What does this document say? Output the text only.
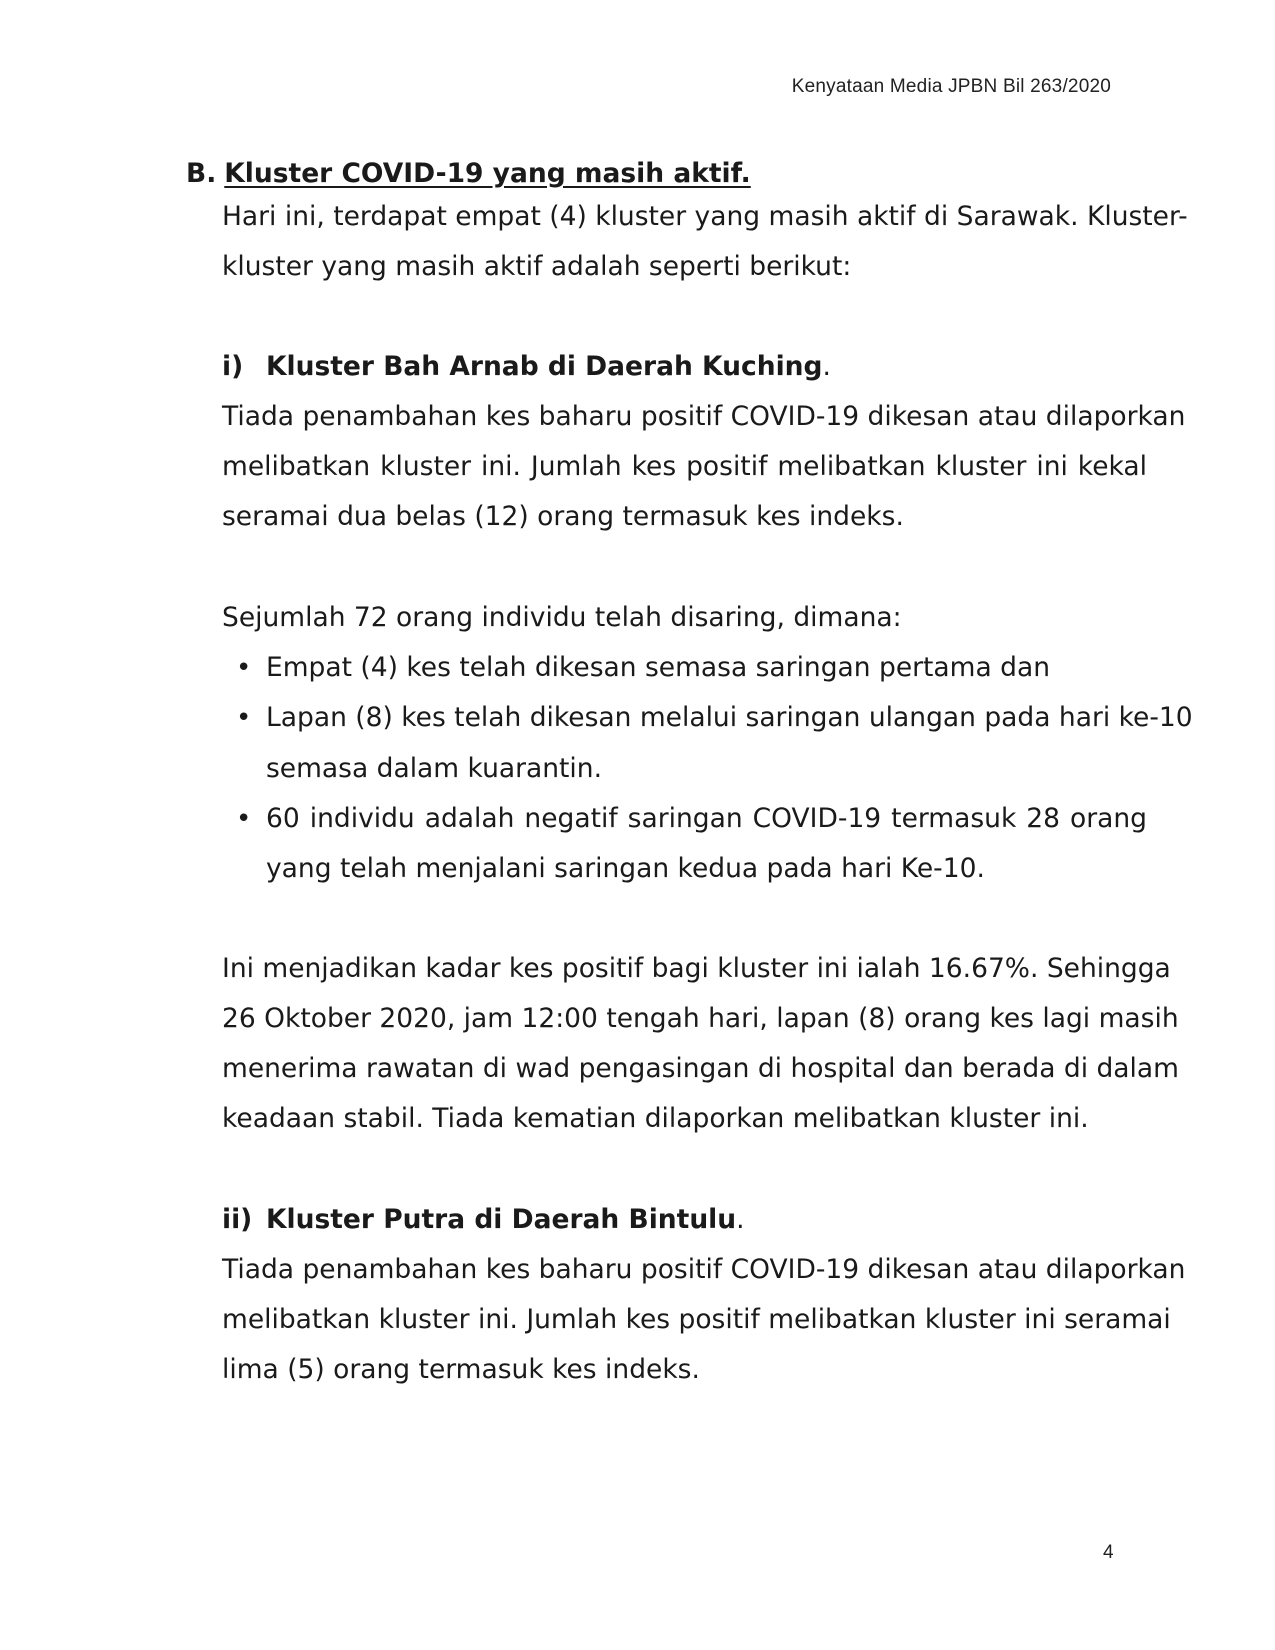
Kenyataan Media JPBN Bil 263/2020
B. Kluster COVID-19 yang masih aktif.
Hari ini, terdapat empat (4) kluster yang masih aktif di Sarawak. Kluster-
kluster yang masih aktif adalah seperti berikut:
i) Kluster Bah Arnab di Daerah Kuching.
Tiada penambahan kes baharu positif COVID-19 dikesan atau dilaporkan
melibatkan kluster ini. Jumlah kes positif melibatkan kluster ini kekal
seramai dua belas (12) orang termasuk kes indeks.
Sejumlah 72 orang individu telah disaring, dimana:
• Empat (4) kes telah dikesan semasa saringan pertama dan
• Lapan (8) kes telah dikesan melalui saringan ulangan pada hari ke-10
semasa dalam kuarantin.
• 60 individu adalah negatif saringan COVID-19 termasuk 28 orang
yang telah menjalani saringan kedua pada hari Ke-10.
Ini menjadikan kadar kes positif bagi kluster ini ialah 16.67%. Sehingga
26 Oktober 2020, jam 12:00 tengah hari, lapan (8) orang kes lagi masih
menerima rawatan di wad pengasingan di hospital dan berada di dalam
keadaan stabil. Tiada kematian dilaporkan melibatkan kluster ini.
ii) Kluster Putra di Daerah Bintulu.
Tiada penambahan kes baharu positif COVID-19 dikesan atau dilaporkan
melibatkan kluster ini. Jumlah kes positif melibatkan kluster ini seramai
lima (5) orang termasuk kes indeks.
4
